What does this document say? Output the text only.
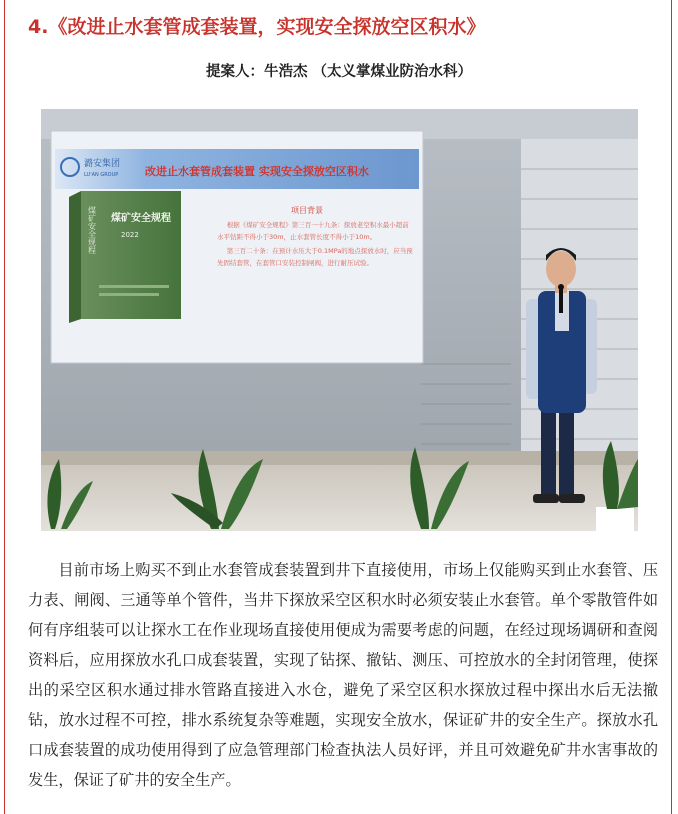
4.《改进止水套管成套装置，实现安全探放空区积水》
提案人：牛浩杰 （太义掌煤业防治水科）
潞安集团
LU'AN GROUP 改进止水套管成套装置 实现安全探放空区积水
煤矿安全规程 煤矿安全规程
2022
项目背景
根据《煤矿安全规程》第三百一十九条：探放老空积水最小超前水平钻距不得小于30m，止水套管长度不得小于10m。
第三百二十条：在预计水压大于0.1MPa的地点探放水时，应当预先固结套管，在套管口安装控制闸阀，进行耐压试验。

目前市场上购买不到止水套管成套装置到井下直接使用，市场上仅能购买到止水套管、压力表、闸阀、三通等单个管件，当井下探放采空区积水时必须安装止水套管。单个零散管件如何有序组装可以让探水工在作业现场直接使用便成为需要考虑的问题，在经过现场调研和查阅资料后，应用探放水孔口成套装置，实现了钻探、撤钻、测压、可控放水的全封闭管理，使探出的采空区积水通过排水管路直接进入水仓，避免了采空区积水探放过程中探出水后无法撤钻，放水过程不可控，排水系统复杂等难题，实现安全放水，保证矿井的安全生产。探放水孔口成套装置的成功使用得到了应急管理部门检查执法人员好评，并且可效避免矿井水害事故的发生，保证了矿井的安全生产。
